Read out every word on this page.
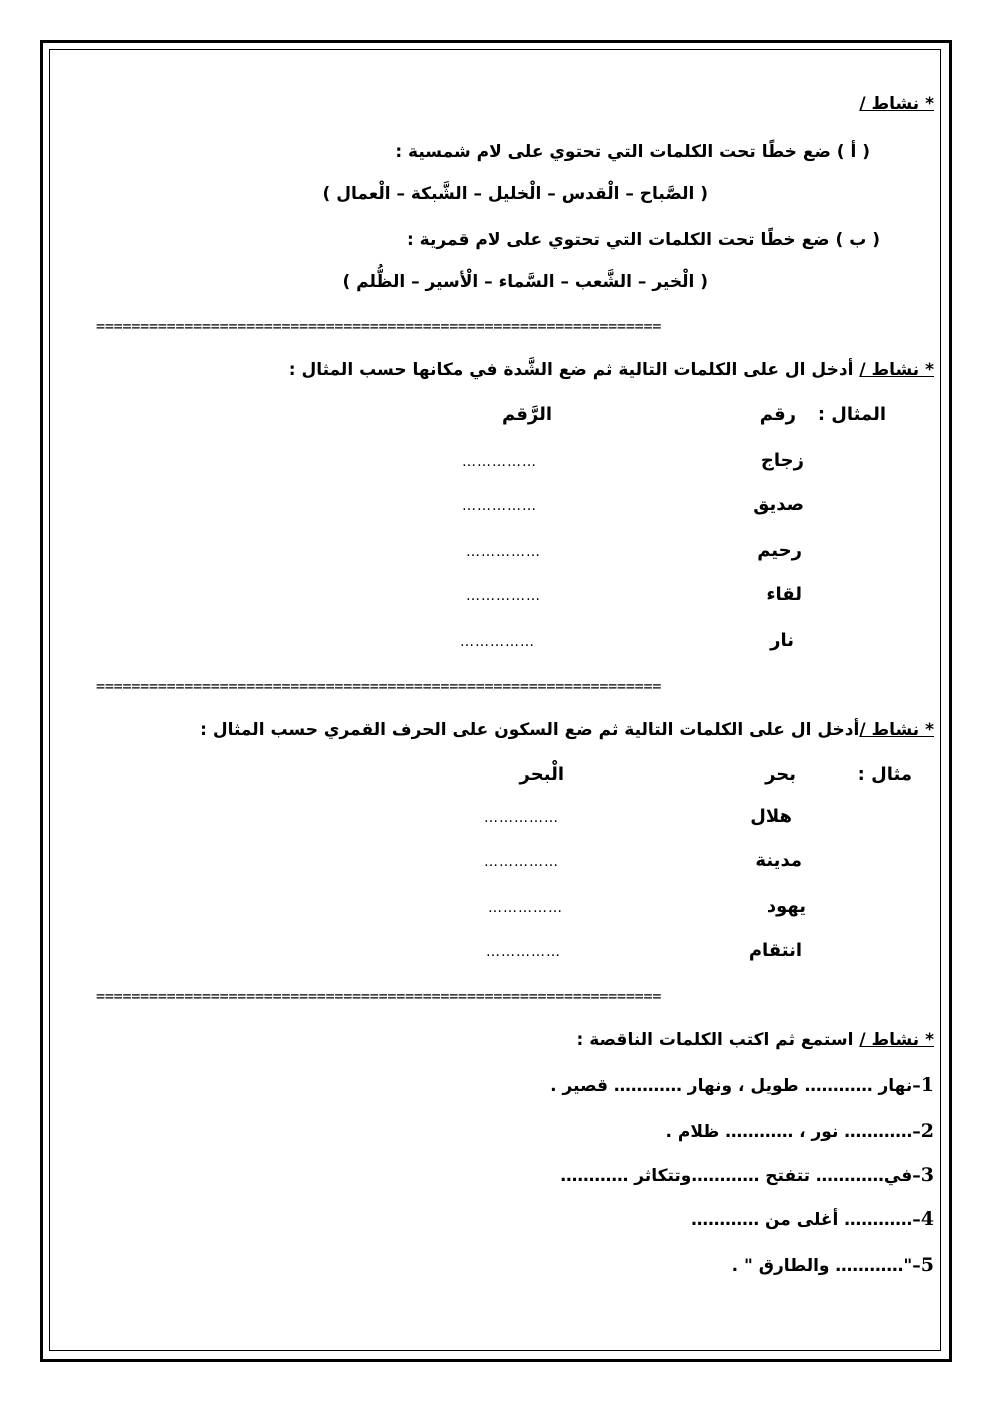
* نشاط /
( أ ) ضع خطًا تحت الكلمات التي تحتوي على لام شمسية :
( الصَّباح – الْقدس – الْخليل – الشَّبكة – الْعمال )
( ب ) ضع خطًا تحت الكلمات التي تحتوي على لام قمرية :
( الْخير – الشَّعب – السَّماء – الْأسير – الظُّلم )
================================================================
* نشاط / أدخل ال على الكلمات التالية ثم ضع الشَّدة في مكانها حسب المثال :
المثال :
رقم
الرَّقم
زجاج
……………
صديق
……………
رحيم
……………
لقاء
……………
نار
……………
================================================================
* نشاط /أدخل ال على الكلمات التالية ثم ضع السكون على الحرف القمري حسب المثال :
مثال :
بحر
الْبحر
هلال
……………
مدينة
……………
يهود
……………
انتقام
……………
================================================================
* نشاط / استمع ثم اكتب الكلمات الناقصة :
1–نهار ………… طويل ، ونهار ………… قصير .
2–………… نور ، ………… ظلام .
3–في………… تتفتح …………وتتكاثر …………
4–………… أغلى من …………
5–"………… والطارق " .
